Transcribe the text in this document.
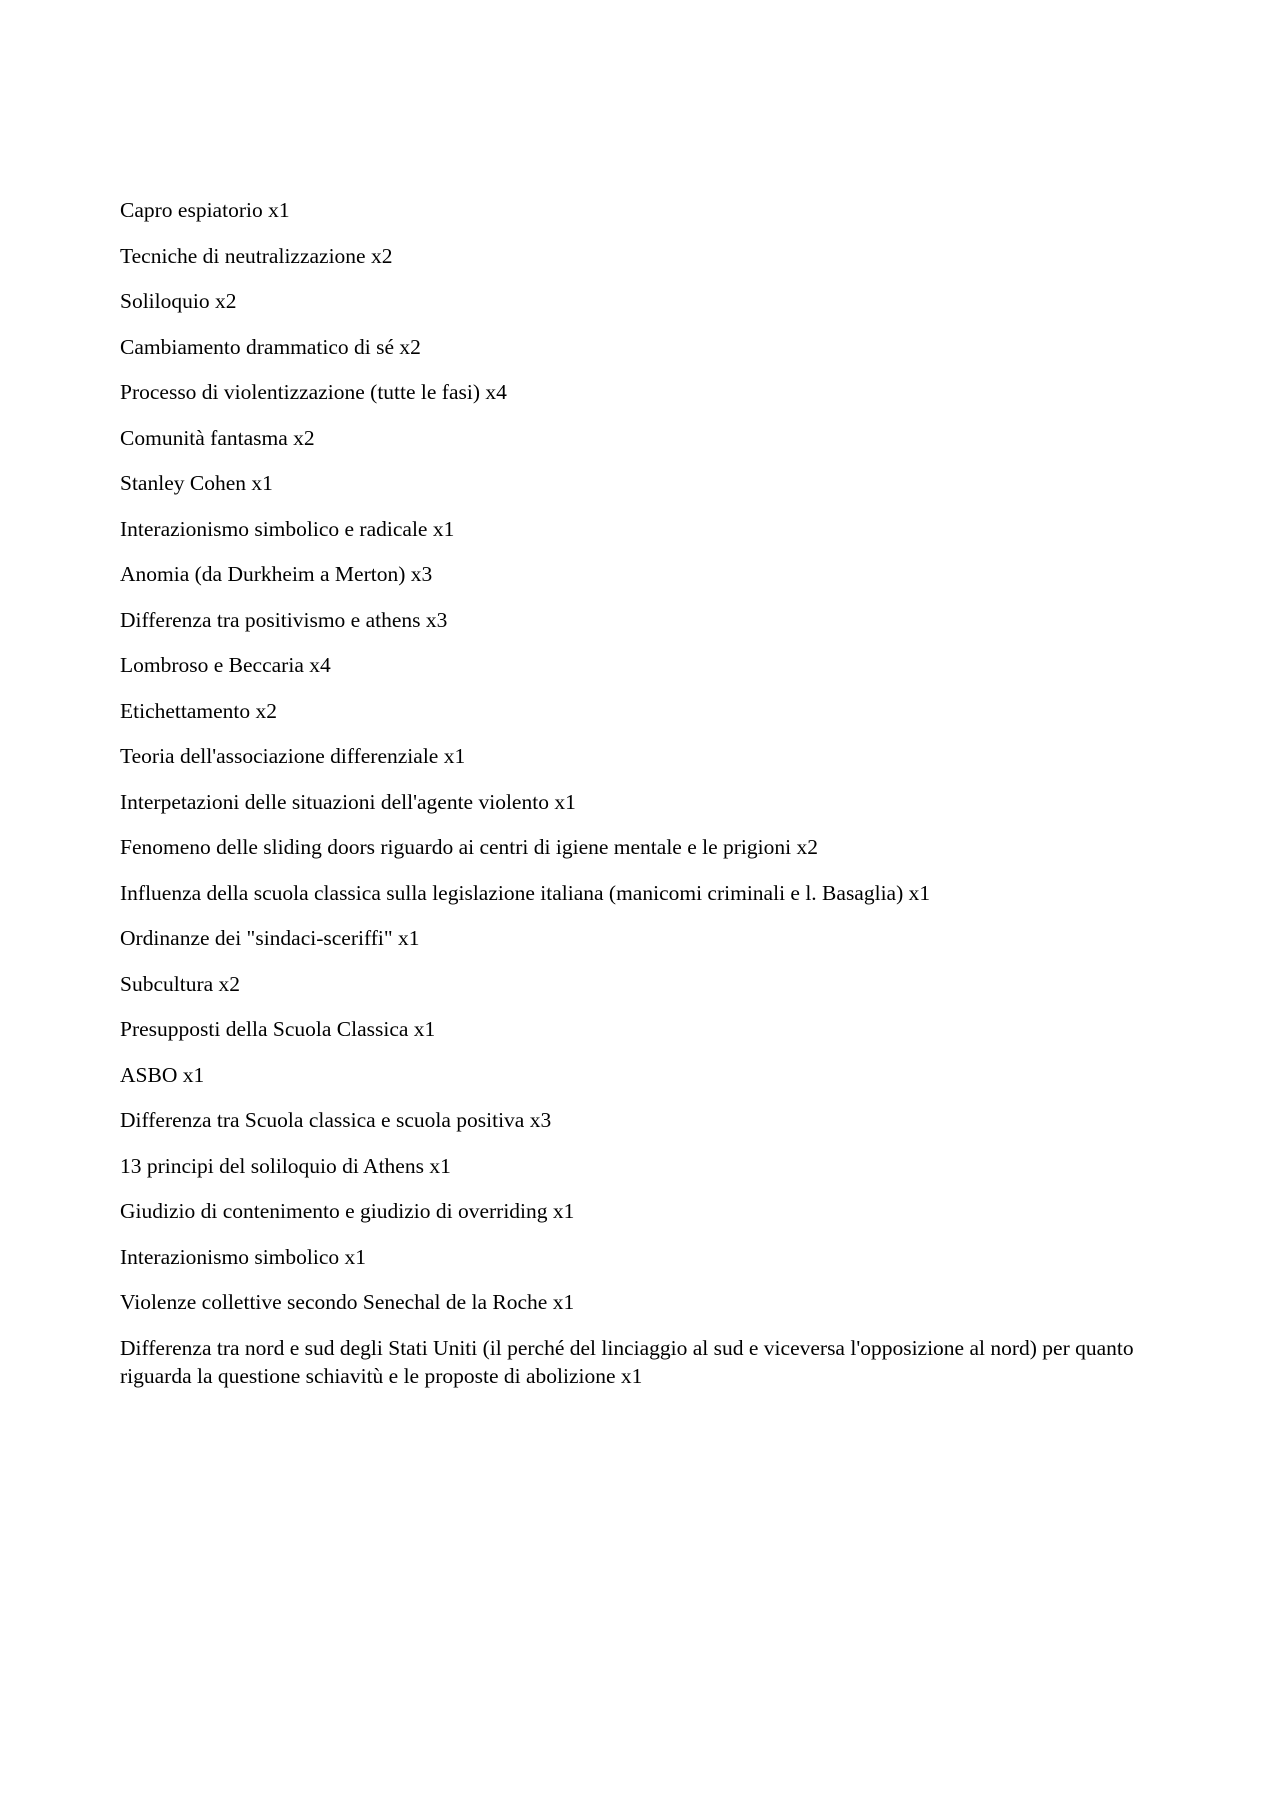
Capro espiatorio x1
Tecniche di neutralizzazione x2
Soliloquio x2
Cambiamento drammatico di sé x2
Processo di violentizzazione (tutte le fasi) x4
Comunità fantasma x2
Stanley Cohen x1
Interazionismo simbolico e radicale x1
Anomia (da Durkheim a Merton) x3
Differenza tra positivismo e athens x3
Lombroso e Beccaria x4
Etichettamento x2
Teoria dell'associazione differenziale x1
Interpetazioni delle situazioni dell'agente violento x1
Fenomeno delle sliding doors riguardo ai centri di igiene mentale e le prigioni x2
Influenza della scuola classica sulla legislazione italiana (manicomi criminali e l. Basaglia) x1
Ordinanze dei "sindaci-sceriffi" x1
Subcultura x2
Presupposti della Scuola Classica x1
ASBO x1
Differenza tra Scuola classica e scuola positiva x3
13 principi del soliloquio di Athens x1
Giudizio di contenimento e giudizio di overriding x1
Interazionismo simbolico x1
Violenze collettive secondo Senechal de la Roche x1
Differenza tra nord e sud degli Stati Uniti (il perché del linciaggio al sud e viceversa l'opposizione al nord) per quanto riguarda la questione schiavitù e le proposte di abolizione x1
